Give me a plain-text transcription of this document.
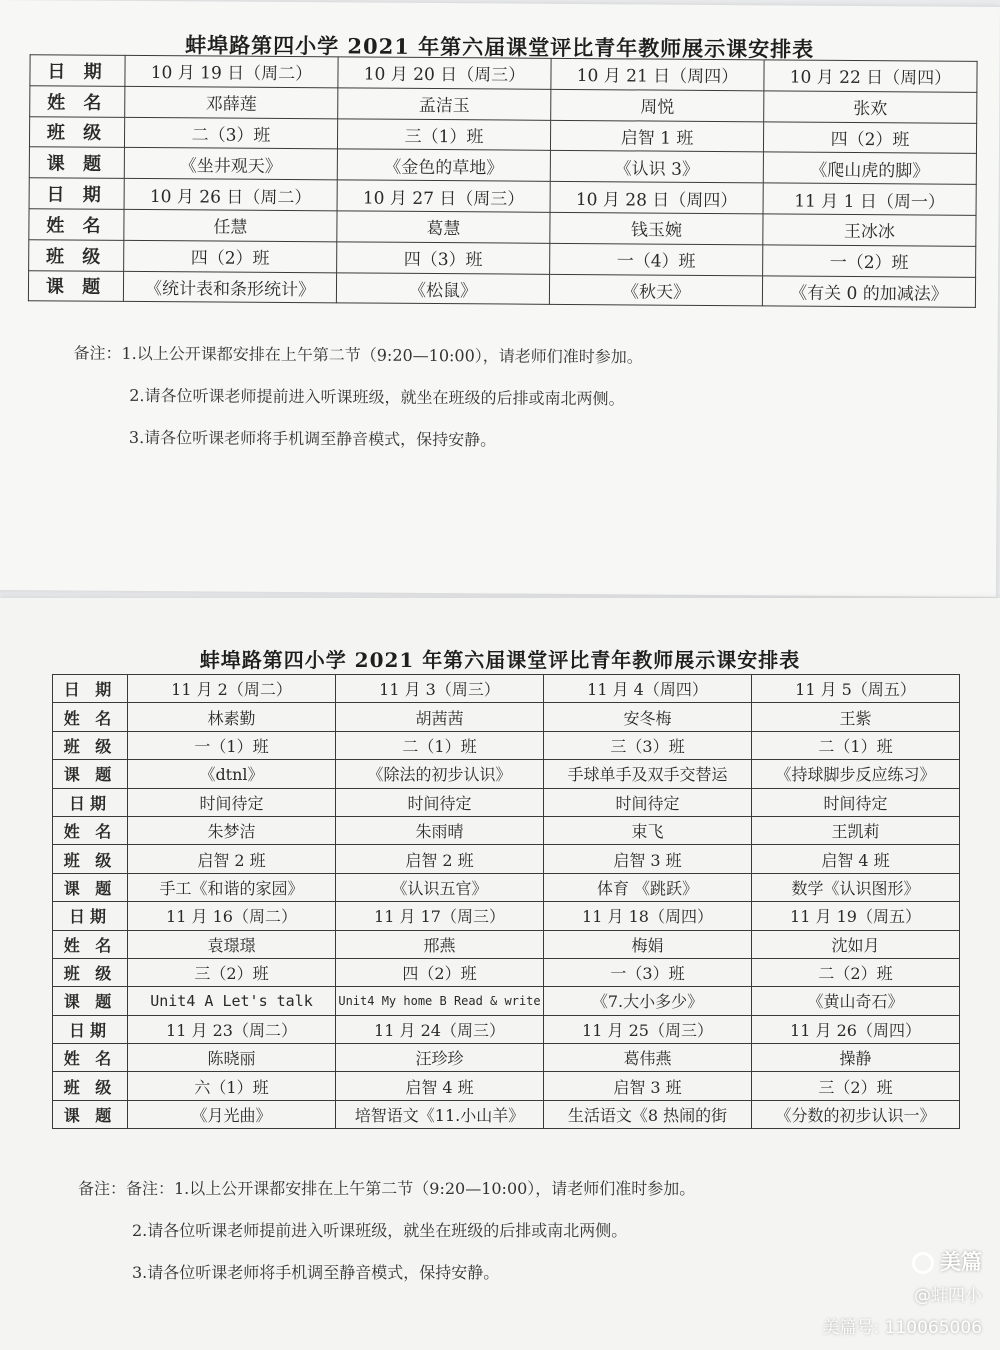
蚌埠路第四小学 2021 年第六届课堂评比青年教师展示课安排表
日 期	10 月 19 日（周二）	10 月 20 日（周三）	10 月 21 日（周四）	10 月 22 日（周四）
姓 名	邓薛莲	孟洁玉	周悦	张欢
班 级	二（3）班	三（1）班	启智 1 班	四（2）班
课 题	《坐井观天》	《金色的草地》	《认识 3》	《爬山虎的脚》
日 期	10 月 26 日（周二）	10 月 27 日（周三）	10 月 28 日（周四）	11 月 1 日（周一）
姓 名	任慧	葛慧	钱玉婉	王冰冰
班 级	四（2）班	四（3）班	一（4）班	一（2）班
课 题	《统计表和条形统计》	《松鼠》	《秋天》	《有关 0 的加减法》
备注：1.以上公开课都安排在上午第二节（9:20—10:00），请老师们准时参加。
2.请各位听课老师提前进入听课班级，就坐在班级的后排或南北两侧。
3.请各位听课老师将手机调至静音模式，保持安静。
蚌埠路第四小学 2021 年第六届课堂评比青年教师展示课安排表
日 期	11 月 2（周二）	11 月 3（周三）	11 月 4（周四）	11 月 5（周五）
姓 名	林素勤	胡茜茜	安冬梅	王紫
班 级	一（1）班	二（1）班	三（3）班	二（1）班
课 题	《dtnl》	《除法的初步认识》	手球单手及双手交替运	《持球脚步反应练习》
日期	时间待定	时间待定	时间待定	时间待定
姓 名	朱梦洁	朱雨晴	束飞	王凯莉
班 级	启智 2 班	启智 2 班	启智 3 班	启智 4 班
课 题	手工《和谐的家园》	《认识五官》	体育 《跳跃》	数学《认识图形》
日期	11 月 16（周二）	11 月 17（周三）	11 月 18（周四）	11 月 19（周五）
姓 名	袁璟璟	邢燕	梅娟	沈如月
班 级	三（2）班	四（2）班	一（3）班	二（2）班
课 题	Unit4 A Let's talk	Unit4 My home B Read & write	《7.大小多少》	《黄山奇石》
日期	11 月 23（周二）	11 月 24（周三）	11 月 25（周三）	11 月 26（周四）
姓 名	陈晓丽	汪珍珍	葛伟燕	操静
班 级	六（1）班	启智 4 班	启智 3 班	三（2）班
课 题	《月光曲》	培智语文《11.小山羊》	生活语文《8 热闹的街	《分数的初步认识一》
备注：备注：1.以上公开课都安排在上午第二节（9:20—10:00），请老师们准时参加。
2.请各位听课老师提前进入听课班级，就坐在班级的后排或南北两侧。
3.请各位听课老师将手机调至静音模式，保持安静。	美篇
@蚌四小
美篇号: 110065006
